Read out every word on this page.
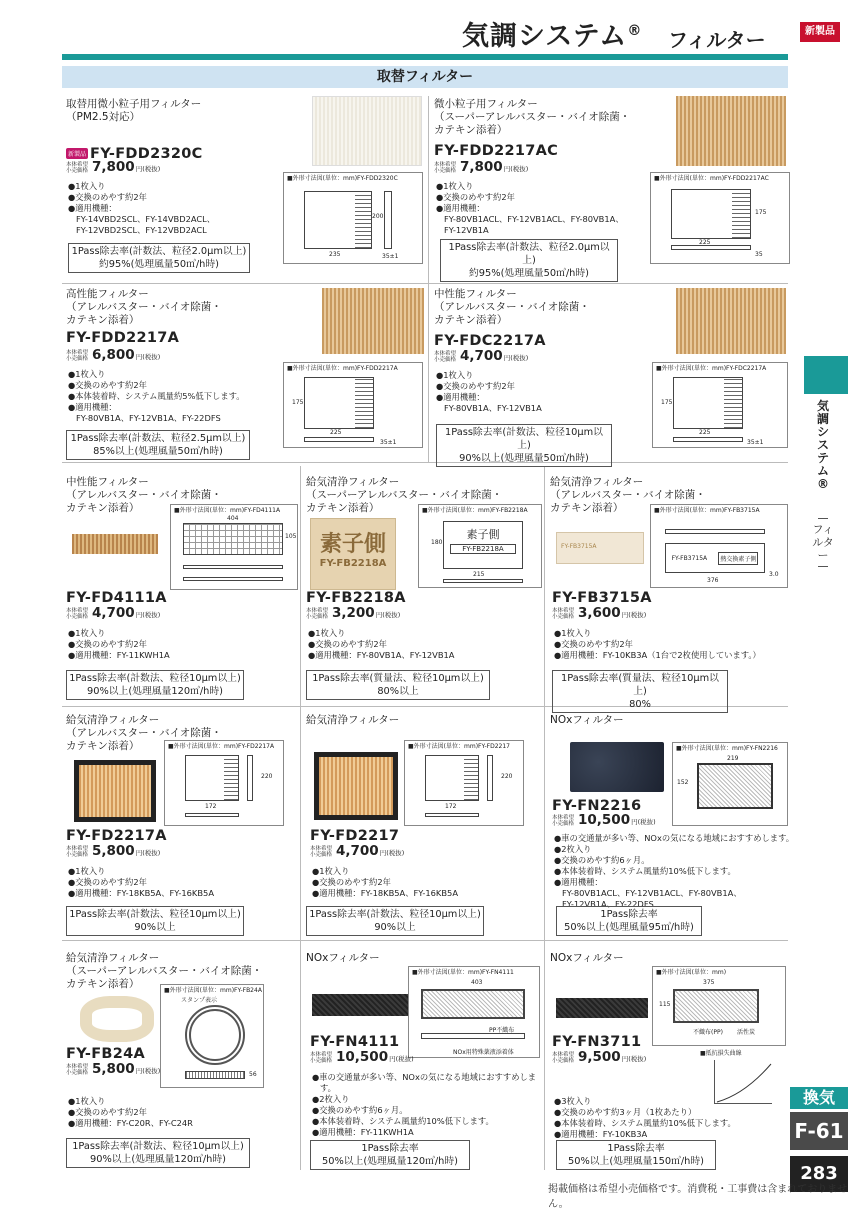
気調システム® フィルター	新製品
取替フィルター
気調システム®
フィルター
換気
F-61
283
掲載価格は希望小売価格です。消費税・工事費は含まれておりません。
取替用微小粒子用フィルター
（PM2.5対応）
新製品 FY-FDD2320C
本体希望小売価格 7,800 円(税抜)
●1枚入り
●交換のめやす約2年
●適用機種：
FY-14VBD2SCL、FY-14VBD2ACL、
FY-12VBD2SCL、FY-12VBD2ACL
1Pass除去率(計数法、粒径2.0μm以上)
約95%(処理風量50㎥/h時)
■外形寸法図(単位：mm)FY-FDD2320C
235
200
35±1
微小粒子用フィルター
（スーパーアレルバスター・バイオ除菌・
カテキン添着）
FY-FDD2217AC
本体希望小売価格 7,800 円(税抜)
●1枚入り
●交換のめやす約2年
●適用機種：
FY-80VB1ACL、FY-12VB1ACL、FY-80VB1A、
FY-12VB1A
1Pass除去率(計数法、粒径2.0μm以上)
約95%(処理風量50㎥/h時)
■外形寸法図(単位：mm)FY-FDD2217AC
225
175
35
高性能フィルター
（アレルバスター・バイオ除菌・
カテキン添着）
FY-FDD2217A
本体希望小売価格 6,800 円(税抜)
●1枚入り
●交換のめやす約2年
●本体装着時、システム風量約5%低下します。
●適用機種：
FY-80VB1A、FY-12VB1A、FY-22DFS
1Pass除去率(計数法、粒径2.5μm以上)
85%以上(処理風量50㎥/h時)
■外形寸法図(単位：mm)FY-FDD2217A
225
175
35±1
中性能フィルター
（アレルバスター・バイオ除菌・
カテキン添着）
FY-FDC2217A
本体希望小売価格 4,700 円(税抜)
●1枚入り
●交換のめやす約2年
●適用機種：
FY-80VB1A、FY-12VB1A
1Pass除去率(計数法、粒径10μm以上)
90%以上(処理風量50㎥/h時)
■外形寸法図(単位：mm)FY-FDC2217A
225
175
35±1
中性能フィルター
（アレルバスター・バイオ除菌・
カテキン添着）	■外形寸法図(単位：mm)FY-FD4111A
404
105
FY-FD4111A
本体希望小売価格 4,700 円(税抜)
●1枚入り
●交換のめやす約2年
●適用機種：FY-11KWH1A
1Pass除去率(計数法、粒径10μm以上)
90%以上(処理風量120㎥/h時)
給気清浄フィルター
（スーパーアレルバスター・バイオ除菌・
カテキン添着）
素子側
FY-FB2218A
■外形寸法図(単位：mm)FY-FB2218A
素子側
FY-FB2218A
215
180
FY-FB2218A
本体希望小売価格 3,200 円(税抜)
●1枚入り
●交換のめやす約2年
●適用機種：FY-80VB1A、FY-12VB1A
1Pass除去率(質量法、粒径10μm以上)
80%以上
給気清浄フィルター
（アレルバスター・バイオ除菌・
カテキン添着）
FY-FB3715A
■外形寸法図(単位：mm)FY-FB3715A
FY-FB3715A	熱交換素子側
376
3.0
FY-FB3715A
本体希望小売価格 3,600 円(税抜)
●1枚入り
●交換のめやす約2年
●適用機種：FY-10KB3A（1台で2枚使用しています。）
1Pass除去率(質量法、粒径10μm以上)
80%
給気清浄フィルター
（アレルバスター・バイオ除菌・
カテキン添着）	■外形寸法図(単位：mm)FY-FD2217A
172
220
FY-FD2217A
本体希望小売価格 5,800 円(税抜)
●1枚入り
●交換のめやす約2年
●適用機種：FY-18KB5A、FY-16KB5A
1Pass除去率(計数法、粒径10μm以上)
90%以上
給気清浄フィルター
■外形寸法図(単位：mm)FY-FD2217
172
220
FY-FD2217
本体希望小売価格 4,700 円(税抜)
●1枚入り
●交換のめやす約2年
●適用機種：FY-18KB5A、FY-16KB5A
1Pass除去率(計数法、粒径10μm以上)
90%以上
NOxフィルター
■外形寸法図(単位：mm)FY-FN2216
219
152
FY-FN2216
本体希望小売価格 10,500 円(税抜)
●車の交通量が多い等、NOxの気になる地域におすすめします。
●2枚入り
●交換のめやす約6ヶ月。
●本体装着時、システム風量約10%低下します。
●適用機種：
FY-80VB1ACL、FY-12VB1ACL、FY-80VB1A、
FY-12VB1A、FY-22DFS
1Pass除去率
50%以上(処理風量95㎥/h時)
給気清浄フィルター
（スーパーアレルバスター・バイオ除菌・
カテキン添着）
■外形寸法図(単位：mm)FY-FB24A
スタンプ表示
56
FY-FB24A
本体希望小売価格 5,800 円(税抜)
●1枚入り
●交換のめやす約2年
●適用機種：FY-C20R、FY-C24R
1Pass除去率(計数法、粒径10μm以上)
90%以上(処理風量120㎥/h時)
NOxフィルター
■外形寸法図(単位：mm)FY-FN4111
403
PP不織布
NOx用特殊薬液添着体
FY-FN4111
本体希望小売価格 10,500 円(税抜)
●車の交通量が多い等、NOxの気になる地域におすすめしま
す。
●2枚入り
●交換のめやす約6ヶ月。
●本体装着時、システム風量約10%低下します。
●適用機種：FY-11KWH1A
1Pass除去率
50%以上(処理風量120㎥/h時)
NOxフィルター
■外形寸法図(単位：mm)
375
115
不織布(PP) 活性炭
■抵抗損失曲線
FY-FN3711
本体希望小売価格 9,500 円(税抜)
●3枚入り
●交換のめやす約3ヶ月（1枚あたり）
●本体装着時、システム風量約10%低下します。
●適用機種：FY-10KB3A
1Pass除去率
50%以上(処理風量150㎥/h時)
